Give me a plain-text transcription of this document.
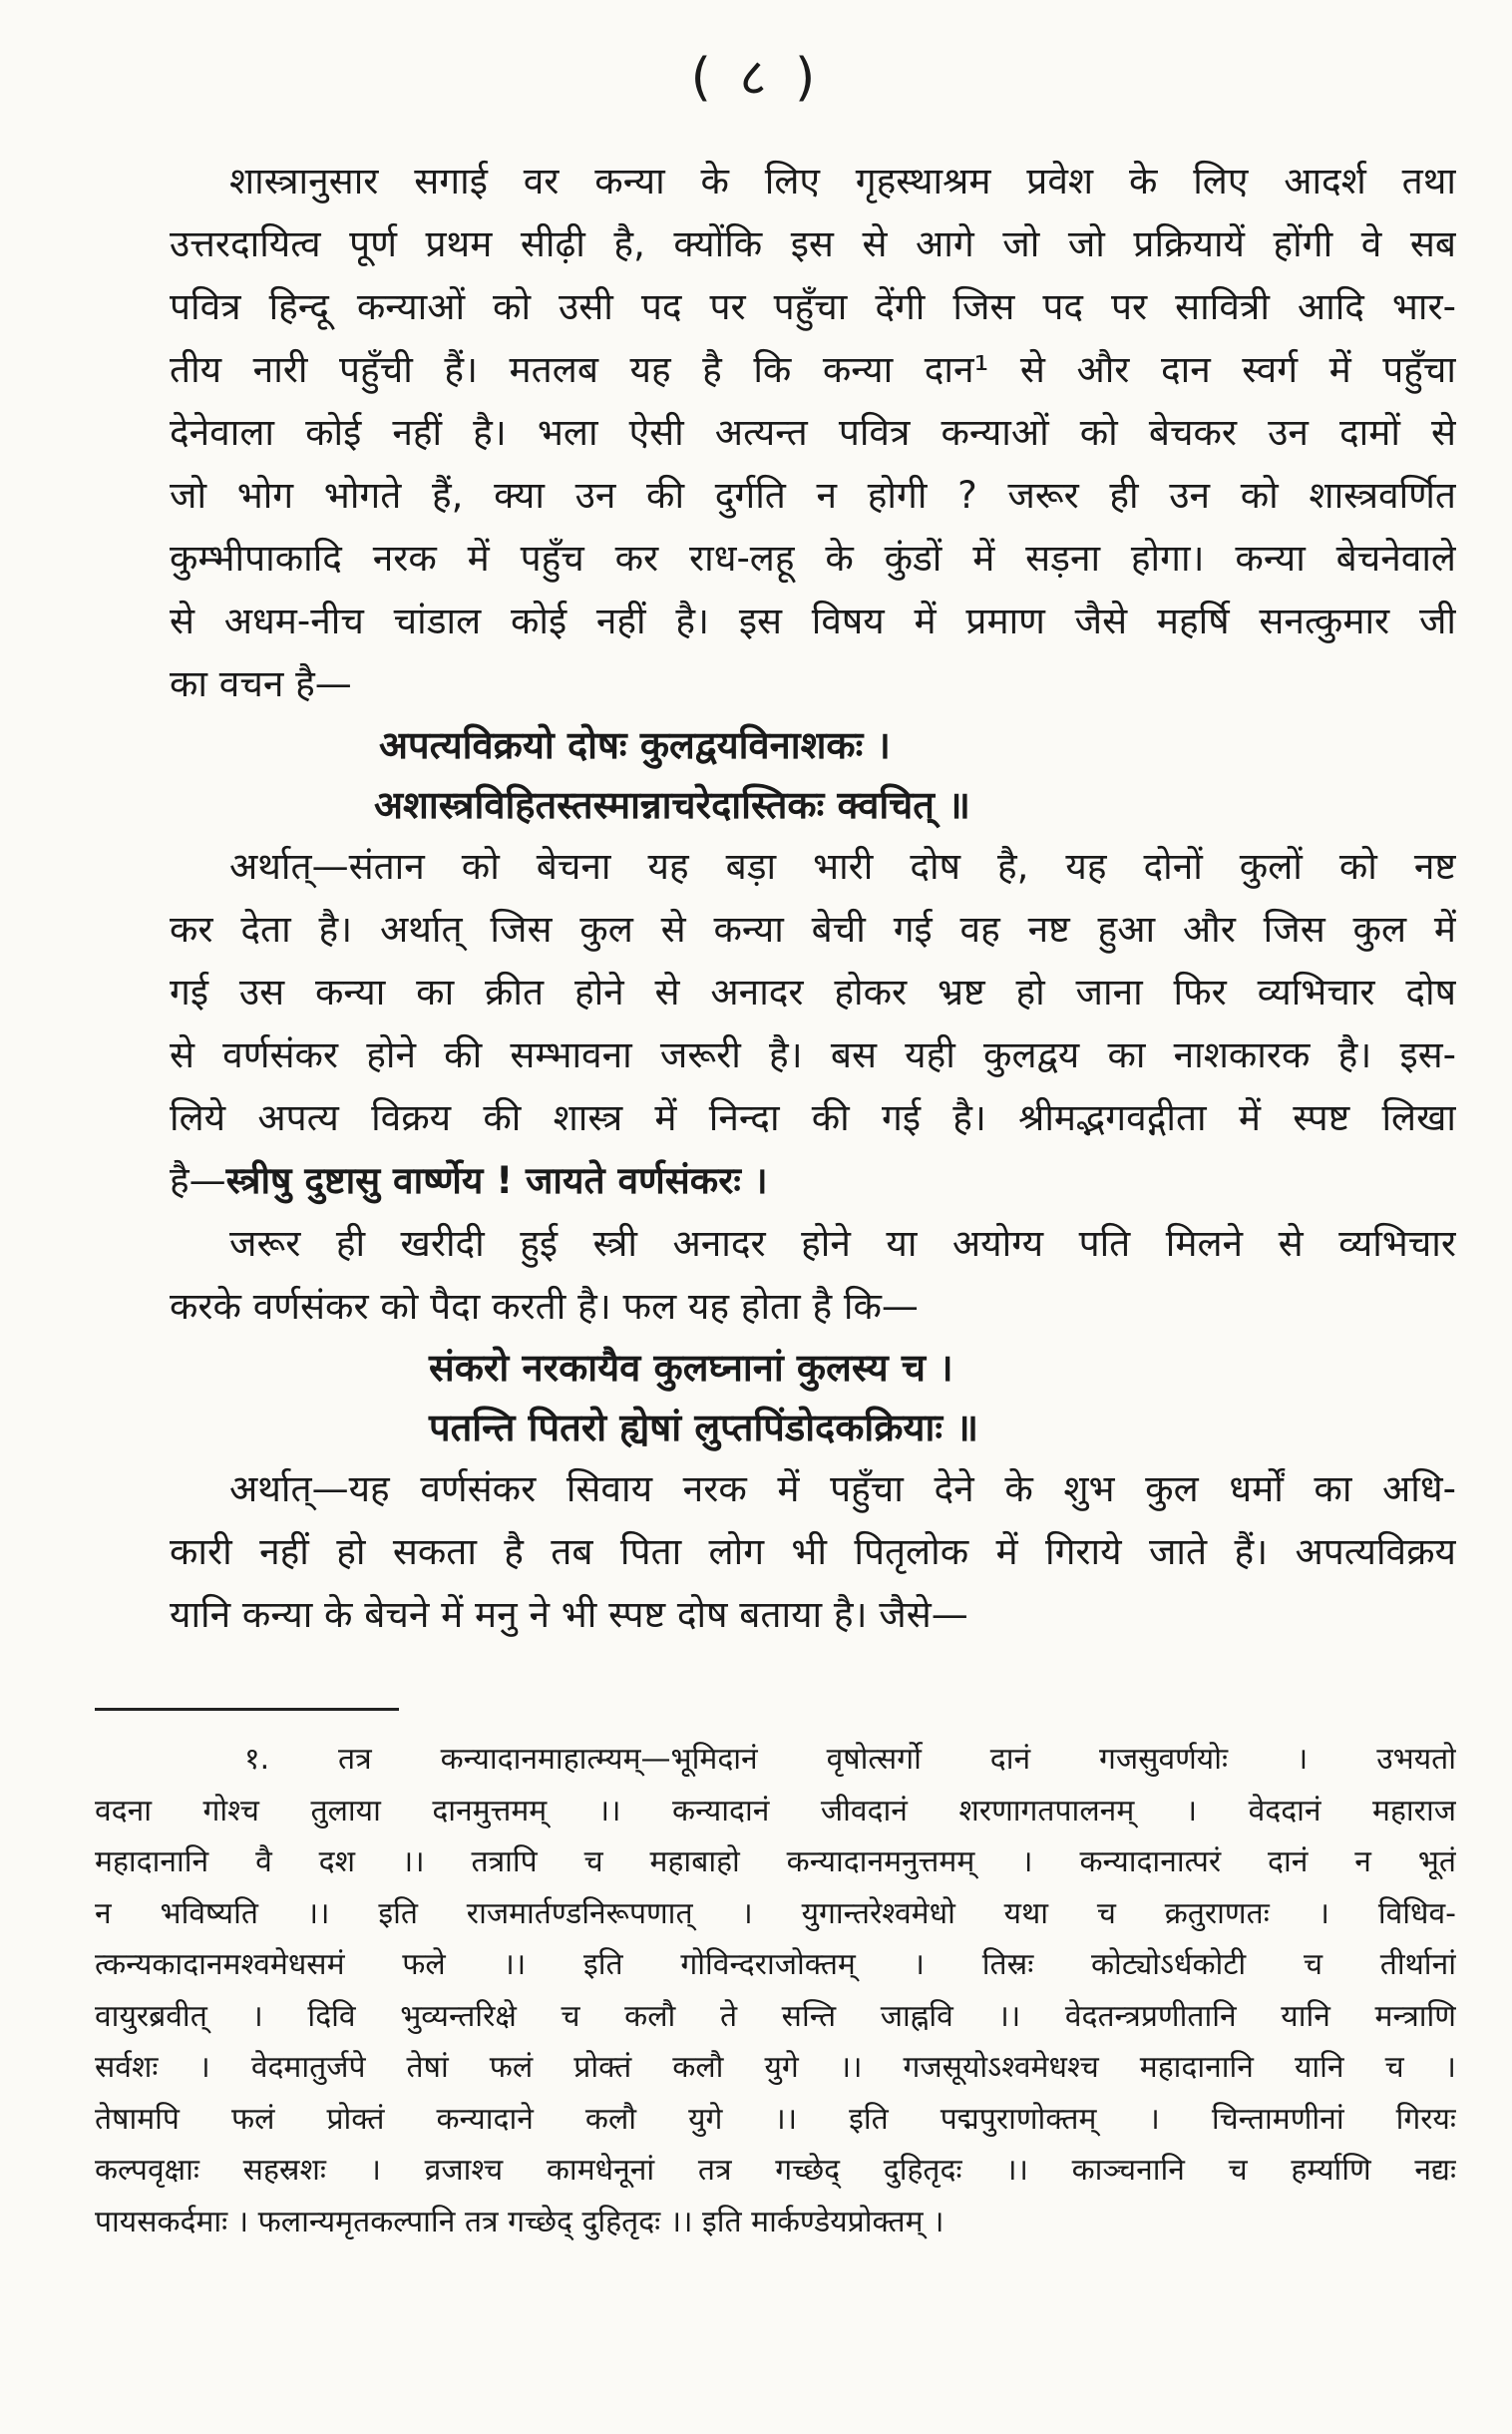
( ८ )
शास्त्रानुसार सगाई वर कन्या के लिए गृहस्थाश्रम प्रवेश के लिए आदर्श तथा
उत्तरदायित्व पूर्ण प्रथम सीढ़ी है, क्योंकि इस से आगे जो जो प्रक्रियायें होंगी वे सब
पवित्र हिन्दू कन्याओं को उसी पद पर पहुँचा देंगी जिस पद पर सावित्री आदि भार-
तीय नारी पहुँची हैं। मतलब यह है कि कन्या दान¹ से और दान स्वर्ग में पहुँचा
देनेवाला कोई नहीं है। भला ऐसी अत्यन्त पवित्र कन्याओं को बेचकर उन दामों से
जो भोग भोगते हैं, क्या उन की दुर्गति न होगी ? जरूर ही उन को शास्त्रवर्णित
कुम्भीपाकादि नरक में पहुँच कर राध-लहू के कुंडों में सड़ना होगा। कन्या बेचनेवाले
से अधम-नीच चांडाल कोई नहीं है। इस विषय में प्रमाण जैसे महर्षि सनत्कुमार जी
का वचन है—
अपत्यविक्रयो दोषः कुलद्वयविनाशकः ।
अशास्त्रविहितस्तस्मान्नाचरेदास्तिकः क्वचित् ॥
अर्थात्—संतान को बेचना यह बड़ा भारी दोष है, यह दोनों कुलों को नष्ट
कर देता है। अर्थात् जिस कुल से कन्या बेची गई वह नष्ट हुआ और जिस कुल में
गई उस कन्या का क्रीत होने से अनादर होकर भ्रष्ट हो जाना फिर व्यभिचार दोष
से वर्णसंकर होने की सम्भावना जरूरी है। बस यही कुलद्वय का नाशकारक है। इस-
लिये अपत्य विक्रय की शास्त्र में निन्दा की गई है। श्रीमद्भगवद्गीता में स्पष्ट लिखा
है—स्त्रीषु दुष्टासु वार्ष्णेय ! जायते वर्णसंकरः ।
जरूर ही खरीदी हुई स्त्री अनादर होने या अयोग्य पति मिलने से व्यभिचार
करके वर्णसंकर को पैदा करती है। फल यह होता है कि—
संकरो नरकायैव कुलघ्नानां कुलस्य च ।
पतन्ति पितरो ह्येषां लुप्तपिंडोदकक्रियाः ॥
अर्थात्—यह वर्णसंकर सिवाय नरक में पहुँचा देने के शुभ कुल धर्मों का अधि-
कारी नहीं हो सकता है तब पिता लोग भी पितृलोक में गिराये जाते हैं। अपत्यविक्रय
यानि कन्या के बेचने में मनु ने भी स्पष्ट दोष बताया है। जैसे—
१. तत्र कन्यादानमाहात्म्यम्—भूमिदानं वृषोत्सर्गो दानं गजसुवर्णयोः । उभयतो
वदना गोश्च तुलाया दानमुत्तमम् ।। कन्यादानं जीवदानं शरणागतपालनम् । वेददानं महाराज
महादानानि वै दश ।। तत्रापि च महाबाहो कन्यादानमनुत्तमम् । कन्यादानात्परं दानं न भूतं
न भविष्यति ।। इति राजमार्तण्डनिरूपणात् । युगान्तरेश्वमेधो यथा च क्रतुराणतः । विधिव-
त्कन्यकादानमश्वमेधसमं फले ।। इति गोविन्दराजोक्तम् । तिस्रः कोट्योऽर्धकोटी च तीर्थानां
वायुरब्रवीत् । दिवि भुव्यन्तरिक्षे च कलौ ते सन्ति जाह्नवि ।। वेदतन्त्रप्रणीतानि यानि मन्त्राणि
सर्वशः । वेदमातुर्जपे तेषां फलं प्रोक्तं कलौ युगे ।। गजसूयोऽश्वमेधश्च महादानानि यानि च ।
तेषामपि फलं प्रोक्तं कन्यादाने कलौ युगे ।। इति पद्मपुराणोक्तम् । चिन्तामणीनां गिरयः
कल्पवृक्षाः सहस्रशः । व्रजाश्च कामधेनूनां तत्र गच्छेद् दुहितृदः ।। काञ्चनानि च हर्म्याणि नद्यः
पायसकर्दमाः । फलान्यमृतकल्पानि तत्र गच्छेद् दुहितृदः ।। इति मार्कण्डेयप्रोक्तम् ।
